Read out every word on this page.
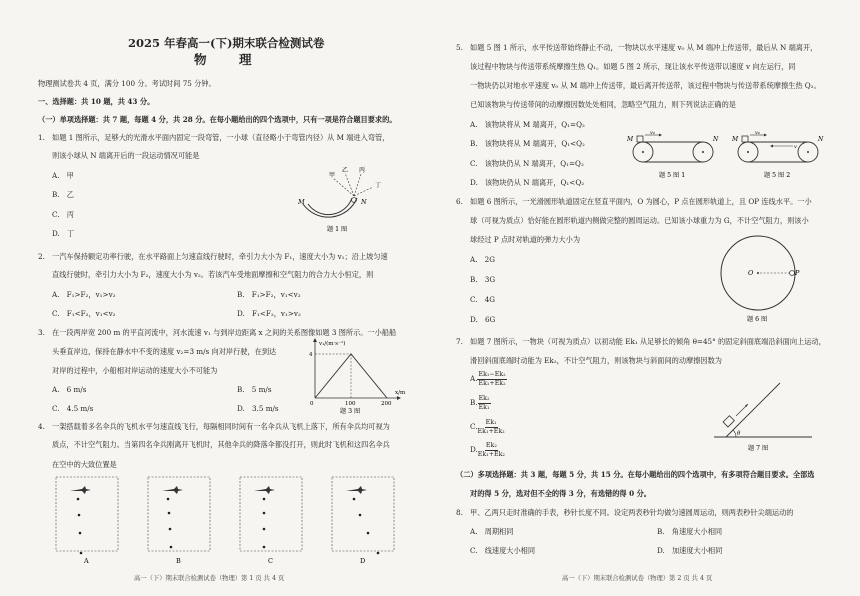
2025 年春高一(下)期末联合检测试卷
物　理
物理测试卷共 4 页，满分 100 分。考试时间 75 分钟。
一、选择题：共 10 题，共 43 分。
（一）单项选择题：共 7 题，每题 4 分，共 28 分。在每小题给出的四个选项中，只有一项是符合题目要求的。
1.　如题 1 图所示，足够大的光滑水平面内固定一段弯管，一小球（直径略小于弯管内径）从 M 端进入弯管，
则该小球从 N 端离开后的一段运动情况可能是
A.　甲
B.　乙
C.　丙
D.　丁
M	N
甲
乙 丙
丁
题 1 图
2.　一汽车保持额定功率行驶，在水平路面上匀速直线行驶时，牵引力大小为 F₁，速度大小为 v₁；沿上坡匀速
直线行驶时，牵引力大小为 F₂，速度大小为 v₂。若该汽车受地面摩擦和空气阻力的合力大小恒定，则
A.　F₁>F₂，v₁>v₂	B.　F₁>F₂，v₁<v₂
C.　F₁<F₂，v₁<v₂	D.　F₁<F₂，v₁>v₂
3.　在一段两岸宽 200 m 的平直河流中，河水流速 v₁ 与到岸边距离 x 之间的关系图像如题 3 图所示。一小船船
头垂直岸边，保持在静水中不变的速度 v₂=3 m/s 向对岸行驶，在到达
对岸的过程中，小船相对岸运动的速度大小不可能为
A.　6 m/s	B.　5 m/s
C.　4.5 m/s	D.　3.5 m/s
v₁/(m·s⁻¹)
4
0	100	200
x/m
题 3 图
4.　一架搭载着多名伞兵的飞机水平匀速直线飞行，每隔相同时间有一名伞兵从飞机上落下，所有伞兵均可视为
质点，不计空气阻力。当第四名伞兵刚离开飞机时，其他伞兵的降落伞都没打开，则此时飞机和这四名伞兵
在空中的大致位置是
A	B	C	D
高一（下）期末联合检测试卷（物理）第 1 页 共 4 页
5.　如题 5 图 1 所示，水平传送带始终静止不动，一物块以水平速度 v₀ 从 M 端冲上传送带，最后从 N 端离开，
该过程中物块与传送带系统摩擦生热 Q₁。如题 5 图 2 所示，现让该水平传送带以速度 v 向左运行，同
一物块仍以对地水平速度 v₀ 从 M 端冲上传送带，最后离开传送带，该过程中物块与传送带系统摩擦生热 Q₂。
已知该物块与传送带间的动摩擦因数处处相同，忽略空气阻力，则下列说法正确的是
A.　该物块将从 M 端离开，Q₁=Q₂
B.　该物块将从 M 端离开，Q₁<Q₂
C.　该物块仍从 N 端离开，Q₁=Q₂
D.　该物块仍从 N 端离开，Q₁<Q₂
M	N
v₀
题 5 图 1
M	N
v₀
v
题 5 图 2
6.　如题 6 图所示，一光滑圆形轨道固定在竖直平面内，O 为圆心，P 点在圆形轨道上，且 OP 连线水平。一小
球（可视为质点）恰好能在圆形轨道内侧做完整的圆周运动。已知该小球重力为 G，不计空气阻力，则该小
球经过 P 点时对轨道的弹力大小为
A.　2G
B.　3G
C.　4G
D.　6G
O	P
题 6 图
7.　如题 7 图所示，一物块（可视为质点）以初动能 Ek₁ 从足够长的倾角 θ=45° 的固定斜面底端沿斜面向上运动，
滑回斜面底端时动能为 Ek₂，不计空气阻力，则该物块与斜面间的动摩擦因数为
A. $\frac{\text{Ek₁−Ek₂}}{\text{Ek₁+Ek₂}}$
B. $\frac{\text{Ek₂}}{\text{Ek₁}}$
C. $\frac{\text{Ek₁}}{\text{Ek₁+Ek₂}}$
D. $\frac{\text{Ek₂}}{\text{Ek₁+Ek₂}}$
θ
题 7 图
（二）多项选择题：共 3 题，每题 5 分，共 15 分。在每小题给出的四个选项中，有多项符合题目要求。全部选
对的得 5 分，选对但不全的得 3 分，有选错的得 0 分。
8.　甲、乙两只走时准确的手表，秒针长度不同。设定两表秒针均做匀速圆周运动，则两表秒针尖端运动的
A.　周期相同	B.　角速度大小相同
C.　线速度大小相同	D.　加速度大小相同
高一（下）期末联合检测试卷（物理）第 2 页 共 4 页
